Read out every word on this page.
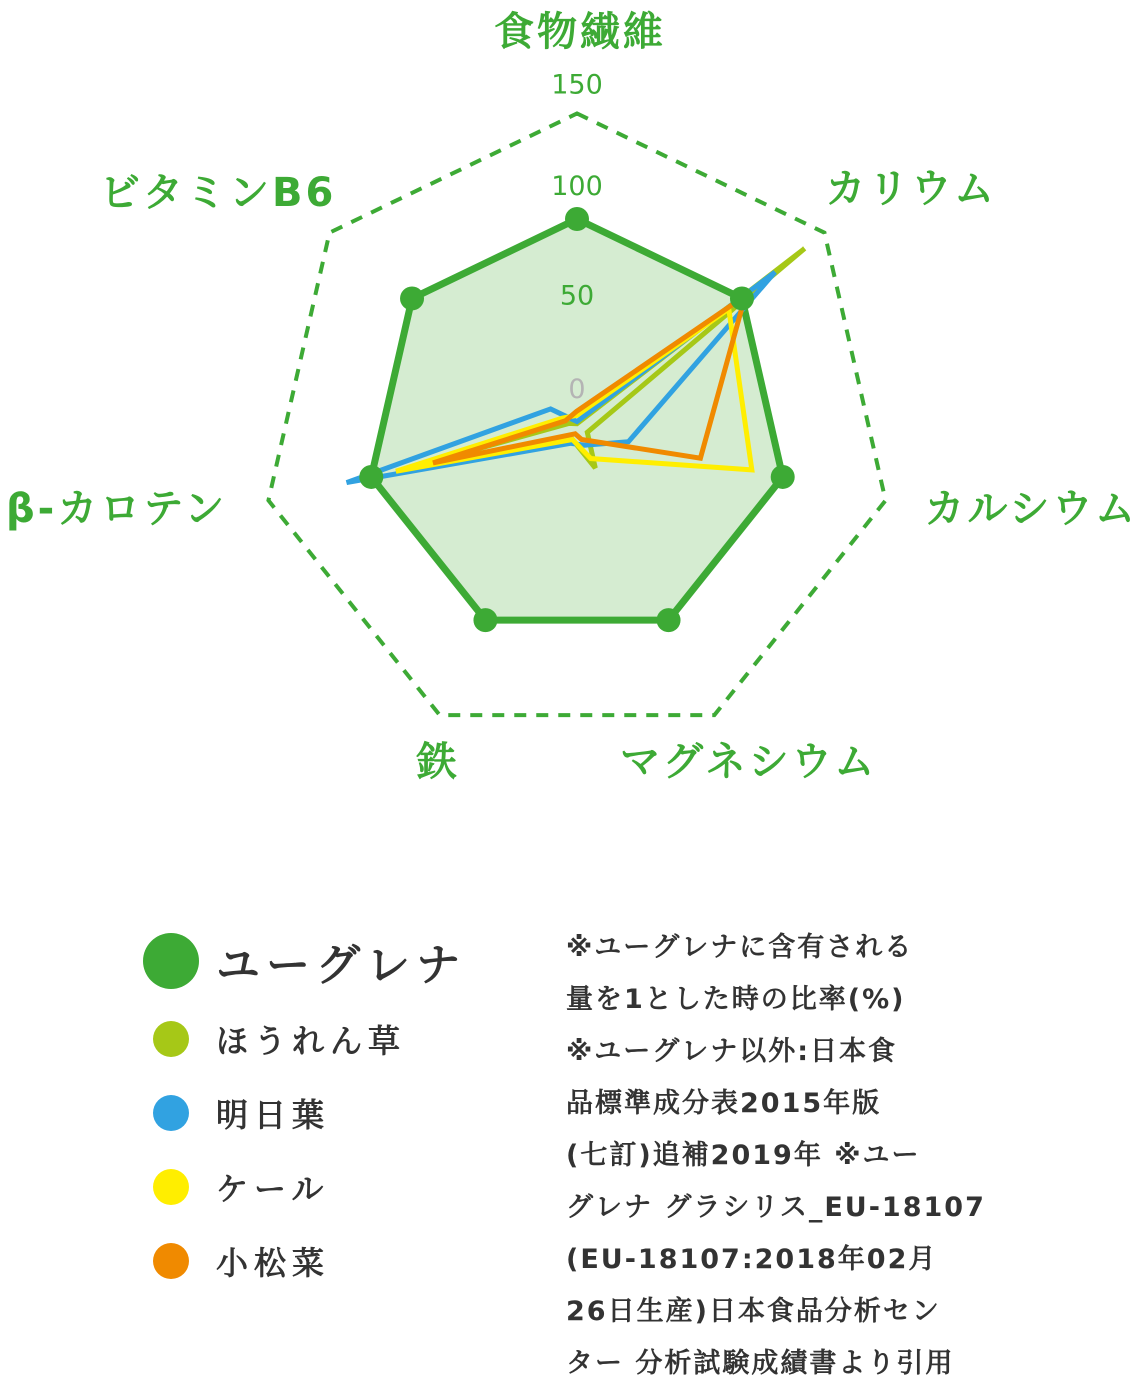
0
50
100
150
食物繊維
カリウム
カルシウム
マグネシウム
鉄
β-カロテン
ビタミンB6
ユーグレナ
ほうれん草
明日葉
ケール
小松菜
※ユーグレナに含有される
量を1とした時の比率(%)
※ユーグレナ以外:日本食
品標準成分表2015年版
(七訂)追補2019年 ※ユー
グレナ グラシリス_EU-18107
(EU-18107:2018年02月
26日生産)日本食品分析セン
ター 分析試験成績書より引用
